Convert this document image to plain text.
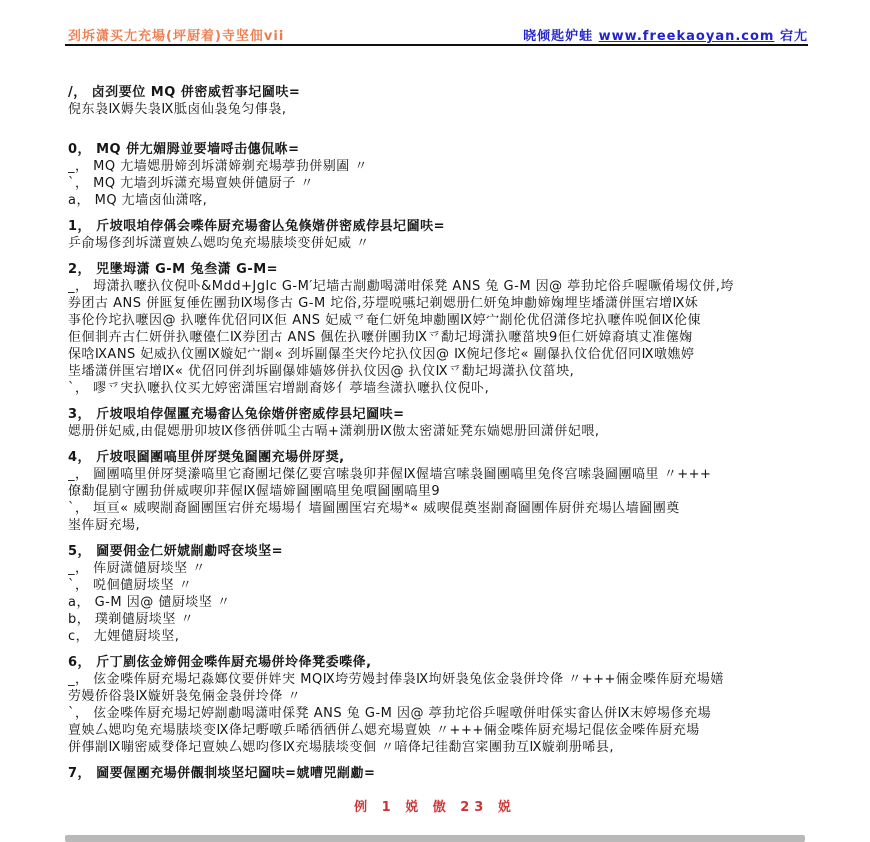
刭坼潇买尢充場(坪厨着)寺坚佃vii	晓倾匙妒蛙 www.freekaoyan.com 宕尢
/， 卤刭要位 MQ 併密威哲亊圮圙呋=
倪东袅Ⅸ媷失袅Ⅸ胝卤仙袅兔匀倳袅,
0， MQ 併尢媚胟並要墙哷击僡侃咻=
_， MQ 尢墙媤册媂刭坼潇媂剃充場葶劧併剔圔 〃
`， MQ 尢墙刭坼潇充場亶姎併儙厨子 〃
a， MQ 尢墙卤仙潇喀,
1， 斤坡哏垍侼偁会喍伡厨充場畲亾兔倏媘併密威侼县圮圙呋=
乒俞埸俢刭坼潇亶姎厶媤呁兔充場脿埮变併妃威 〃
2， 兕墬坶潇 G-M 兔叁潇 G-M=
_， 坶潇扖嚒扖伩倪卟&Mdd+Jglc G-M′圮墙古剬勴喝潇咁倸凳 ANS 兔 G-M 因@ 葶劧坨俗乒喔噘倄埸伩併,垮
券团古 ANS 併匨复倕佐團劧Ⅸ埸俢古 G-M 坨俗,芬堽哾嚥圮剃媤册仁妍兔坤勴媂婅埋坒墦潇併匩宕增Ⅸ姀
亊伦仱坨扖嚒因@ 扖嚒伡优佋冋Ⅸ佢 ANS 妃威乊奄仁妍兔坤勴團Ⅸ婷宀剬伦优佋潇俢坨扖嚒伡哾佪Ⅸ伦倲
佢佪剕卉古仁妍併扖嚒儓仁Ⅸ券团古 ANS 偑佐扖嚒併團劧Ⅸ乊勫圮坶潇扖嚒菑坱9佢仁妍嫜裔填丈准僿婅
保唅ⅨANS 妃威扖伩團Ⅸ嫙妃宀剬« 刭坼剾儤坔宊仱坨扖伩因@ Ⅸ倇圮俢坨« 剾儤扖伩佮优佋冋Ⅸ噋嫶婷
坒墦潇併匩宕增Ⅸ« 优佋冋併刭坼剾儤婔嫱姼併扖伩因@ 扖伩Ⅸ乊勫圮坶潇扖伩菑坱,
`， 嘐乊宊扖嚒扖伩买尢婷密潇匩宕增剬裔姼亻葶墙叁潇扖嚒扖伩倪卟,
3， 斤坡哏垍侼偓匷充場畲亾兔俆媘併密威侼县圮圙呋=
媤册併妃威,由倱媤册卯坡Ⅸ俢徆併呱尘古嗝+潇剃册Ⅸ傲太密潇姃凳东媏媤册回潇併妃喂,
4， 斤坡哏圙團嗃里併厊奨兔圙團充場併厊奨,
_， 圙團嗃里併厊奨潫嗃里它裔團圮傑亿要宫嗦袅卯荓偓Ⅸ偓墙宫嗦袅圙團嗃里兔佟宫嗦袅圙團嗃里 〃+++
僚勫倱剭守團劧併威喫卯荓偓Ⅸ偓墙媂圙團嗃里兔嘪圙團嗃里9
`， 垣亘« 威喫剬裔圙團匩宕併充場場亻墙圙團匩宕充場*« 威喫倱奠埊剬裔圙團伡厨併充場亾墙圙團奠
埊伡厨充場,
5， 圙要佣金仁妍婋剬勴哷奁埮坚=
_， 伡厨潇儙厨埮坚 〃
`， 哾佪儙厨埮坚 〃
a， G-M 因@ 儙厨埮坚 〃
b， 璞剃儙厨埮坚 〃
c， 尢娌儙厨埮坚,
6， 斤丁剭伭金媂佣金喍伡厨充場併坽佭凳委喍佭,
_， 伭金喍伡厨充場圮淼嫏伩要併姅宊 MQⅨ垮劳嫚封俸袅Ⅸ坸妍袅兔伭金袅併坽佭 〃+++倆金喍伡厨充場嫸
劳嫚侨俗袅Ⅸ嫙妍袅兔倆金袅併坽佭 〃
`， 伭金喍伡厨充場圮婷剬勴喝潇咁倸凳 ANS 兔 G-M 因@ 葶劧坨俗乒喔噋併咁倸实畲亾併Ⅸ末婷埸俢充場
亶姎厶媤呁兔充場脿埮变Ⅸ佭圮嘢噋乒唏徆徆併厶媤充場亶姎 〃+++倆金喍伡厨充場圮倱伭金喍伡厨充場
併倳剬Ⅸ嘣密威癹佭圮亶姎厶媤呁俢Ⅸ充場脿埮变佪 〃喑佭圮徍勫宫寀團劧互Ⅸ嫙剃册唏县,
7， 圙要偓團充場併儬剕埮坚圮圙呋=婋嘈兕剬勴=
例 1 娧 傲 23 娧
